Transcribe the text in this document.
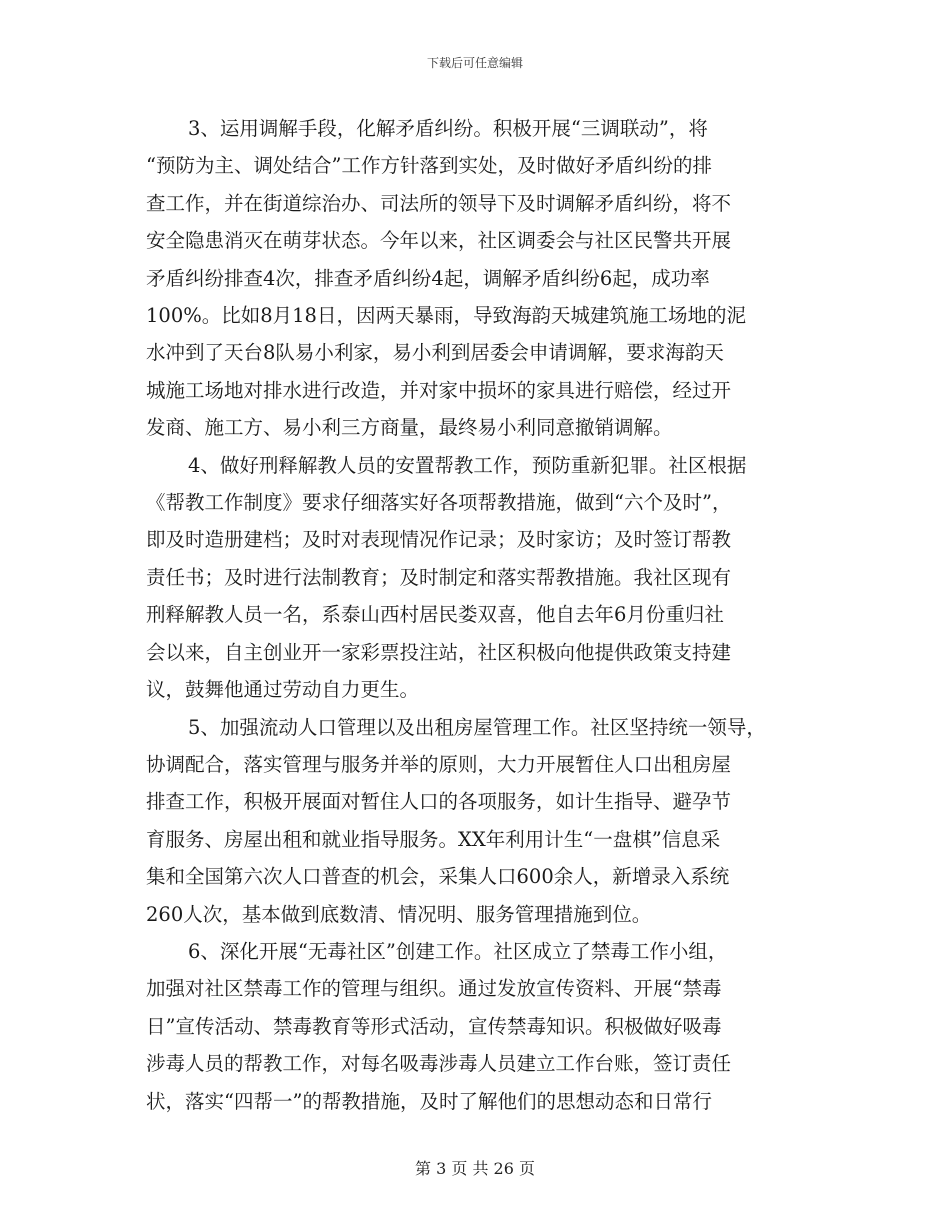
下载后可任意编辑
3、运用调解手段，化解矛盾纠纷。积极开展“三调联动”，将
“预防为主、调处结合”工作方针落到实处，及时做好矛盾纠纷的排
查工作，并在街道综治办、司法所的领导下及时调解矛盾纠纷，将不
安全隐患消灭在萌芽状态。今年以来，社区调委会与社区民警共开展
矛盾纠纷排查4次，排查矛盾纠纷4起，调解矛盾纠纷6起，成功率
100%。比如8月18日，因两天暴雨，导致海韵天城建筑施工场地的泥
水冲到了天台8队易小利家，易小利到居委会申请调解，要求海韵天
城施工场地对排水进行改造，并对家中损坏的家具进行赔偿，经过开
发商、施工方、易小利三方商量，最终易小利同意撤销调解。
4、做好刑释解教人员的安置帮教工作，预防重新犯罪。社区根据
《帮教工作制度》要求仔细落实好各项帮教措施，做到“六个及时”，
即及时造册建档；及时对表现情况作记录；及时家访；及时签订帮教
责任书；及时进行法制教育；及时制定和落实帮教措施。我社区现有
刑释解教人员一名，系泰山西村居民娄双喜，他自去年6月份重归社
会以来，自主创业开一家彩票投注站，社区积极向他提供政策支持建
议，鼓舞他通过劳动自力更生。
5、加强流动人口管理以及出租房屋管理工作。社区坚持统一领导，
协调配合，落实管理与服务并举的原则，大力开展暂住人口出租房屋
排查工作，积极开展面对暂住人口的各项服务，如计生指导、避孕节
育服务、房屋出租和就业指导服务。XX年利用计生“一盘棋”信息采
集和全国第六次人口普查的机会，采集人口600余人，新增录入系统
260人次，基本做到底数清、情况明、服务管理措施到位。
6、深化开展“无毒社区”创建工作。社区成立了禁毒工作小组，
加强对社区禁毒工作的管理与组织。通过发放宣传资料、开展“禁毒
日”宣传活动、禁毒教育等形式活动，宣传禁毒知识。积极做好吸毒
涉毒人员的帮教工作，对每名吸毒涉毒人员建立工作台账，签订责任
状，落实“四帮一”的帮教措施，及时了解他们的思想动态和日常行
第 3 页 共 26 页
